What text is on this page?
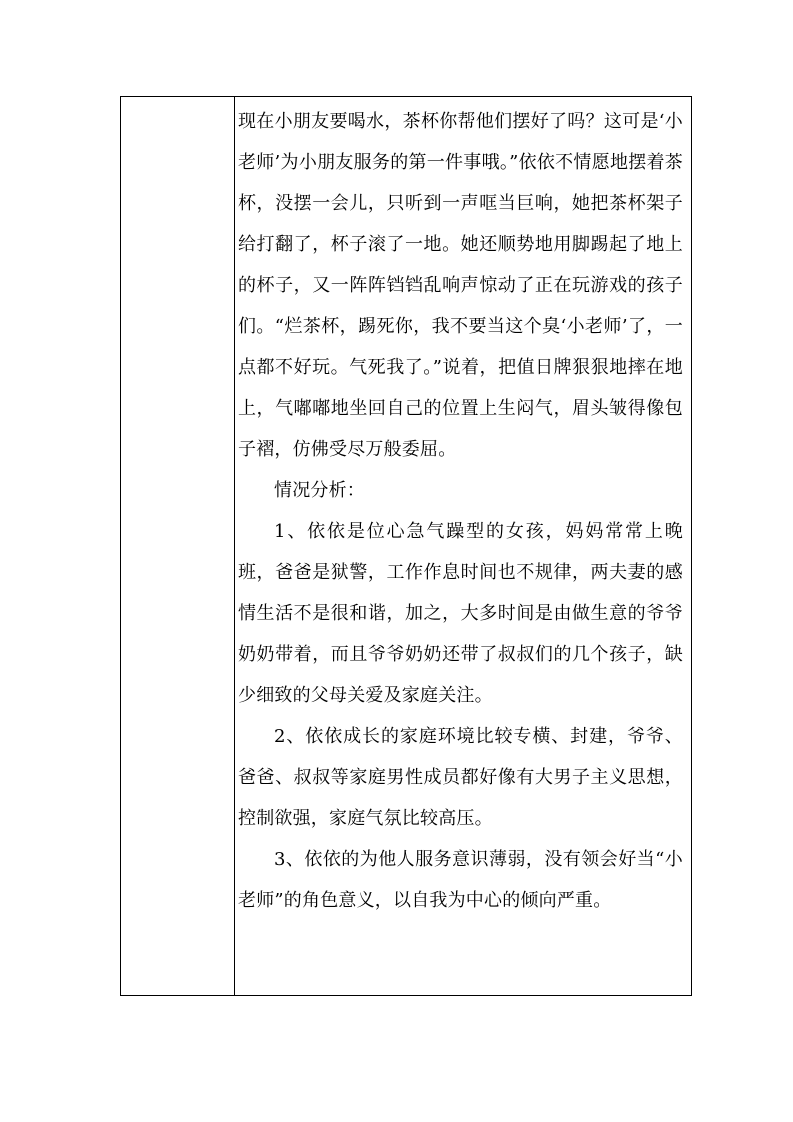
现在小朋友要喝水，茶杯你帮他们摆好了吗？这可是‘小老师’为小朋友服务的第一件事哦。”依依不情愿地摆着茶杯，没摆一会儿，只听到一声哐当巨响，她把茶杯架子给打翻了，杯子滚了一地。她还顺势地用脚踢起了地上的杯子，又一阵阵铛铛乱响声惊动了正在玩游戏的孩子们。“烂茶杯，踢死你，我不要当这个臭‘小老师’了，一点都不好玩。气死我了。”说着，把值日牌狠狠地摔在地上，气嘟嘟地坐回自己的位置上生闷气，眉头皱得像包子褶，仿佛受尽万般委屈。

情况分析：

1、依依是位心急气躁型的女孩，妈妈常常上晚班，爸爸是狱警，工作作息时间也不规律，两夫妻的感情生活不是很和谐，加之，大多时间是由做生意的爷爷奶奶带着，而且爷爷奶奶还带了叔叔们的几个孩子，缺少细致的父母关爱及家庭关注。

2、依依成长的家庭环境比较专横、封建，爷爷、爸爸、叔叔等家庭男性成员都好像有大男子主义思想，控制欲强，家庭气氛比较高压。

3、依依的为他人服务意识薄弱，没有领会好当“小老师”的角色意义，以自我为中心的倾向严重。
